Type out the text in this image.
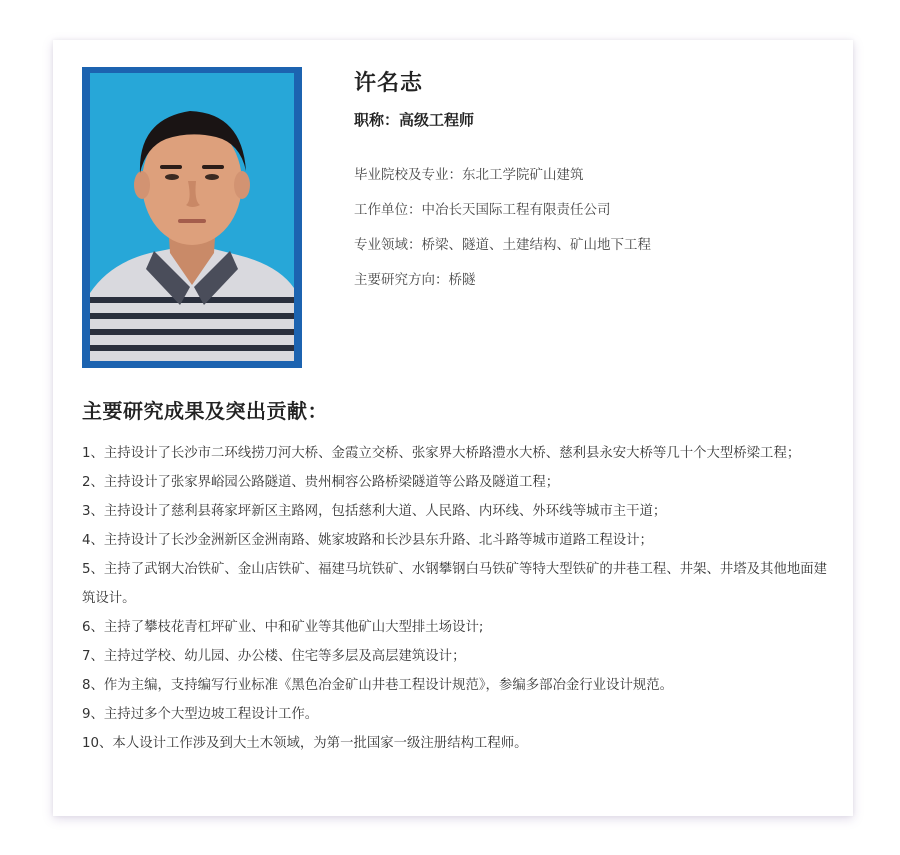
许名志
职称：高级工程师
毕业院校及专业：东北工学院矿山建筑
工作单位：中冶长天国际工程有限责任公司
专业领域：桥梁、隧道、土建结构、矿山地下工程
主要研究方向：桥隧
主要研究成果及突出贡献：
1、主持设计了长沙市二环线捞刀河大桥、金霞立交桥、张家界大桥路澧水大桥、慈利县永安大桥等几十个大型桥梁工程；
2、主持设计了张家界峪园公路隧道、贵州桐容公路桥梁隧道等公路及隧道工程；
3、主持设计了慈利县蒋家坪新区主路网，包括慈利大道、人民路、内环线、外环线等城市主干道；
4、主持设计了长沙金洲新区金洲南路、姚家坡路和长沙县东升路、北斗路等城市道路工程设计；
5、主持了武钢大冶铁矿、金山店铁矿、福建马坑铁矿、水钢攀钢白马铁矿等特大型铁矿的井巷工程、井架、井塔及其他地面建筑设计。
6、主持了攀枝花青杠坪矿业、中和矿业等其他矿山大型排土场设计;
7、主持过学校、幼儿园、办公楼、住宅等多层及高层建筑设计；
8、作为主编，支持编写行业标准《黑色冶金矿山井巷工程设计规范》，参编多部冶金行业设计规范。
9、主持过多个大型边坡工程设计工作。
10、本人设计工作涉及到大土木领域，为第一批国家一级注册结构工程师。
